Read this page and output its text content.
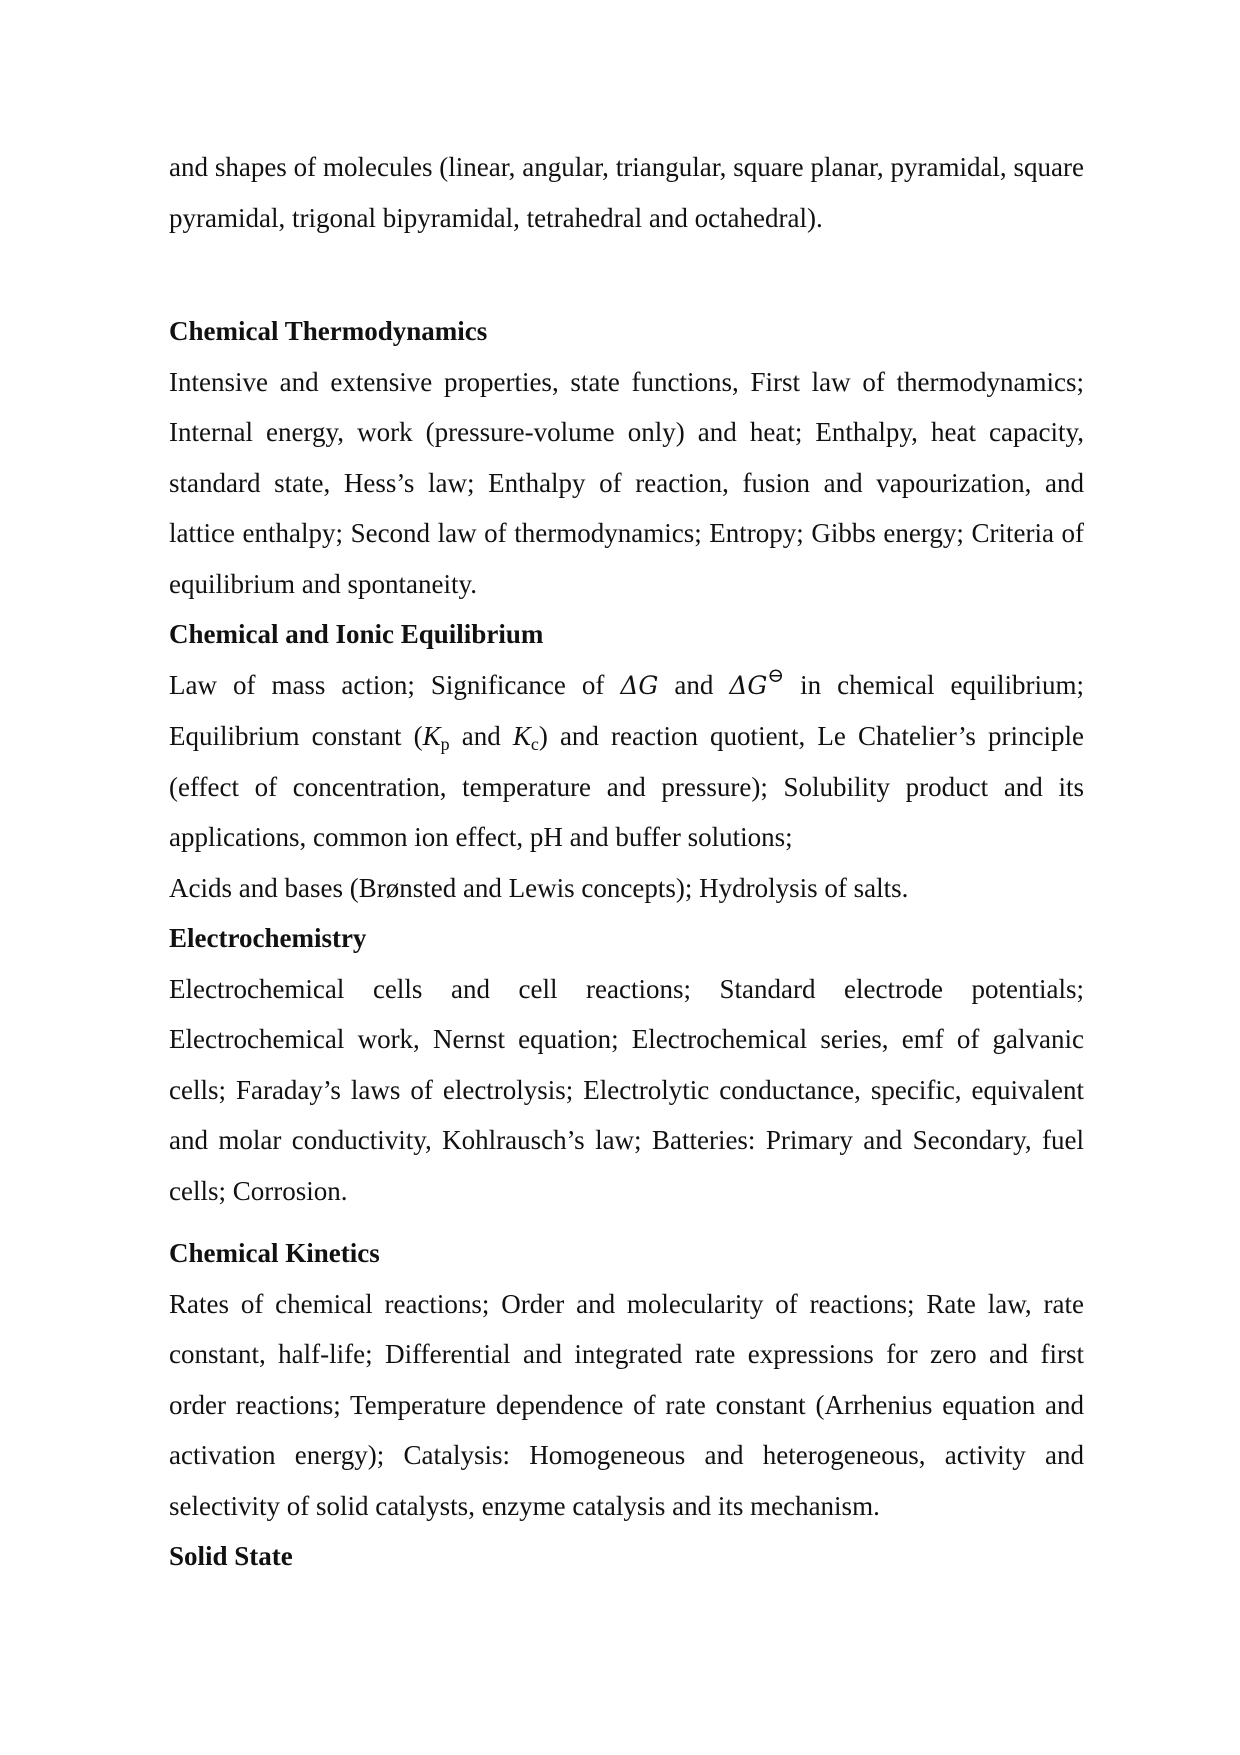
and shapes of molecules (linear, angular, triangular, square planar, pyramidal, square pyramidal, trigonal bipyramidal, tetrahedral and octahedral).

Chemical Thermodynamics

Intensive and extensive properties, state functions, First law of thermodynamics; Internal energy, work (pressure-volume only) and heat; Enthalpy, heat capacity, standard state, Hess’s law; Enthalpy of reaction, fusion and vapourization, and lattice enthalpy; Second law of thermodynamics; Entropy; Gibbs energy; Criteria of equilibrium and spontaneity.

Chemical and Ionic Equilibrium

Law of mass action; Significance of ΔG and ΔG⊖ in chemical equilibrium; Equilibrium constant ($K_p$ and $K_c$) and reaction quotient, Le Chatelier’s principle (effect of concentration, temperature and pressure); Solubility product and its applications, common ion effect, pH and buffer solutions;

Acids and bases (Brønsted and Lewis concepts); Hydrolysis of salts.

Electrochemistry

Electrochemical cells and cell reactions; Standard electrode potentials; Electrochemical work, Nernst equation; Electrochemical series, emf of galvanic cells; Faraday’s laws of electrolysis; Electrolytic conductance, specific, equivalent and molar conductivity, Kohlrausch’s law; Batteries: Primary and Secondary, fuel cells; Corrosion.

Chemical Kinetics

Rates of chemical reactions; Order and molecularity of reactions; Rate law, rate constant, half-life; Differential and integrated rate expressions for zero and first order reactions; Temperature dependence of rate constant (Arrhenius equation and activation energy); Catalysis: Homogeneous and heterogeneous, activity and selectivity of solid catalysts, enzyme catalysis and its mechanism.

Solid State
